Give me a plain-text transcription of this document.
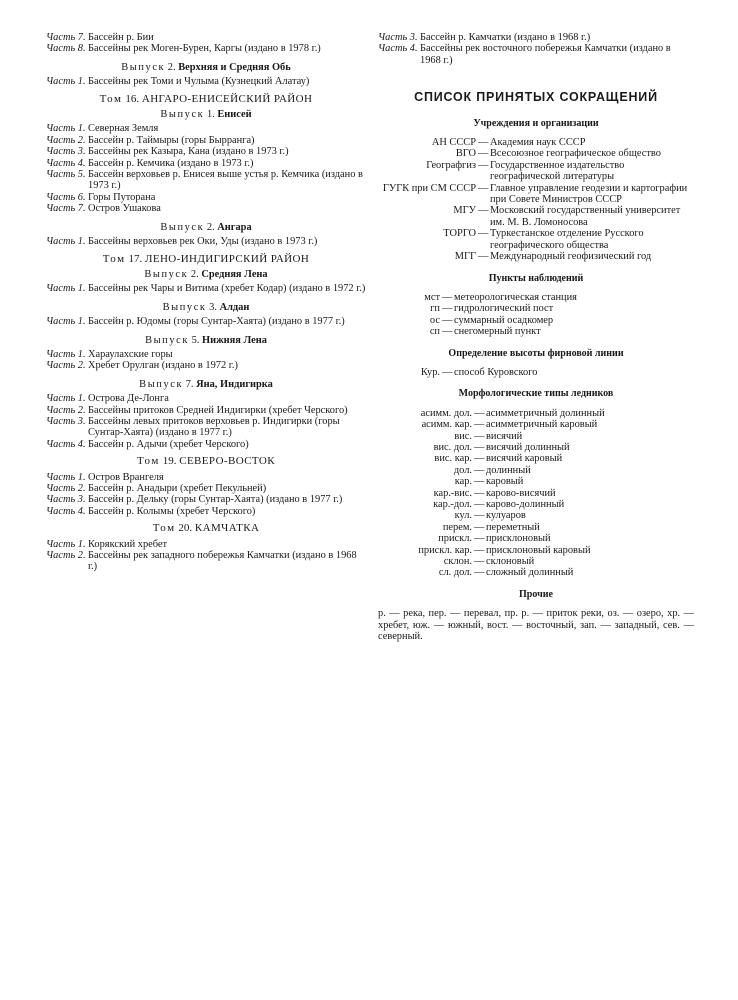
Часть 7. Бассейн р. Бии
Часть 8. Бассейны рек Моген-Бурен, Каргы (издано в 1978 г.)
Выпуск 2. Верхняя и Средняя Обь
Часть 1. Бассейны рек Томи и Чулыма (Кузнецкий Алатау)
Том 16. АНГАРО-ЕНИСЕЙСКИЙ РАЙОН
Выпуск 1. Енисей
Часть 1. Северная Земля
Часть 2. Бассейн р. Таймыры (горы Бырранга)
Часть 3. Бассейны рек Казыра, Кана (издано в 1973 г.)
Часть 4. Бассейн р. Кемчика (издано в 1973 г.)
Часть 5. Бассейн верховьев р. Енисея выше устья р. Кемчика (издано в 1973 г.)
Часть 6. Горы Путорана
Часть 7. Остров Ушакова
Выпуск 2. Ангара
Часть 1. Бассейны верховьев рек Оки, Уды (издано в 1973 г.)
Том 17. ЛЕНО-ИНДИГИРСКИЙ РАЙОН
Выпуск 2. Средняя Лена
Часть 1. Бассейны рек Чары и Витима (хребет Кодар) (издано в 1972 г.)
Выпуск 3. Алдан
Часть 1. Бассейн р. Юдомы (горы Сунтар-Хаята) (издано в 1977 г.)
Выпуск 5. Нижняя Лена
Часть 1. Хараулахские горы
Часть 2. Хребет Орулган (издано в 1972 г.)
Выпуск 7. Яна, Индигирка
Часть 1. Острова Де-Лонга
Часть 2. Бассейны притоков Средней Индигирки (хребет Черского)
Часть 3. Бассейны левых притоков верховьев р. Индигирки (горы Сунтар-Хаята) (издано в 1977 г.)
Часть 4. Бассейн р. Адычи (хребет Черского)
Том 19. СЕВЕРО-ВОСТОК
Часть 1. Остров Врангеля
Часть 2. Бассейн р. Анадыри (хребет Пекульней)
Часть 3. Бассейн р. Дельку (горы Сунтар-Хаята) (издано в 1977 г.)
Часть 4. Бассейн р. Колымы (хребет Черского)
Том 20. КАМЧАТКА
Часть 1. Корякский хребет
Часть 2. Бассейны рек западного побережья Камчатки (издано в 1968 г.)
Часть 3. Бассейн р. Камчатки (издано в 1968 г.)
Часть 4. Бассейны рек восточного побережья Камчатки (издано в 1968 г.)
СПИСОК ПРИНЯТЫХ СОКРАЩЕНИЙ
Учреждения и организации
АН СССР — Академия наук СССР
ВГО — Всесоюзное географическое общество
Географгиз — Государственное издательство географической литературы
ГУГК при СМ СССР — Главное управление геодезии и картографии при Совете Министров СССР
МГУ — Московский государственный университет им. М. В. Ломоносова
ТОРГО — Туркестанское отделение Русского географического общества
МГГ — Международный геофизический год
Пункты наблюдений
мст — метеорологическая станция
гп — гидрологический пост
ос — суммарный осадкомер
сп — снегомерный пункт
Определение высоты фирновой линии
Кур. — способ Куровского
Морфологические типы ледников
асимм. дол. — асимметричный долинный
асимм. кар. — асимметричный каровый
вис. — висячий
вис. дол. — висячий долинный
вис. кар. — висячий каровый
дол. — долинный
кар. — каровый
кар.-вис. — карово-висячий
кар.-дол. — карово-долинный
кул. — кулуаров
перем. — переметный
прискл. — присклоновый
прискл. кар. — присклоновый каровый
склон. — склоновый
сл. дол. — сложный долинный
Прочие
р. — река, пер. — перевал, пр. р. — приток реки, оз. — озеро, хр. — хребет, юж. — южный, вост. — восточный, зап. — западный, сев. — северный.
